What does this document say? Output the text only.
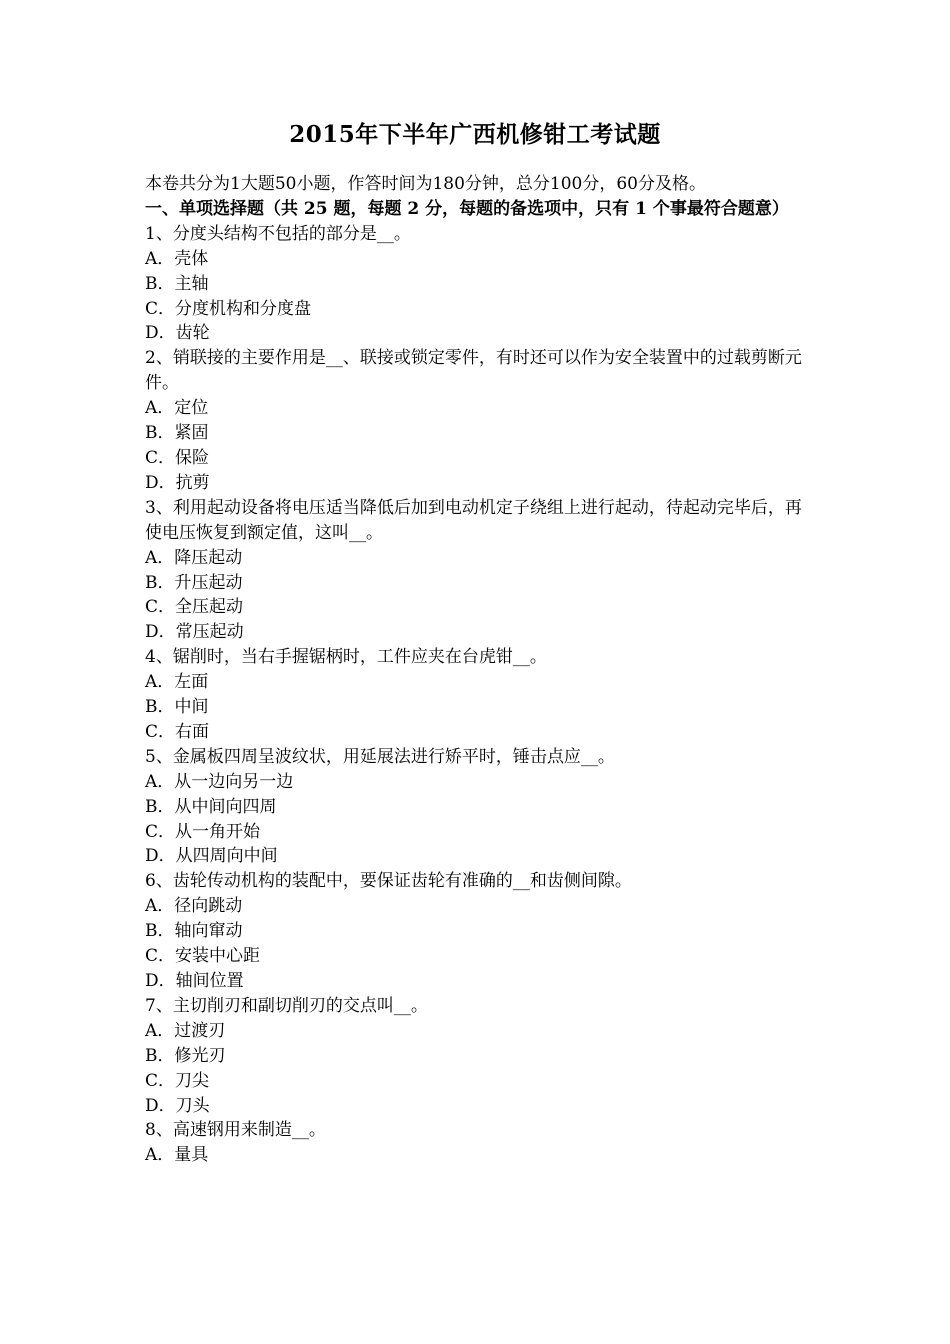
2015年下半年广西机修钳工考试题
本卷共分为1大题50小题，作答时间为180分钟，总分100分，60分及格。
一、单项选择题（共 25 题，每题 2 分，每题的备选项中，只有 1 个事最符合题意）
1、分度头结构不包括的部分是__。
A．壳体
B．主轴
C．分度机构和分度盘
D．齿轮
2、销联接的主要作用是__、联接或锁定零件，有时还可以作为安全装置中的过载剪断元件。
A．定位
B．紧固
C．保险
D．抗剪
3、利用起动设备将电压适当降低后加到电动机定子绕组上进行起动，待起动完毕后，再使电压恢复到额定值，这叫__。
A．降压起动
B．升压起动
C．全压起动
D．常压起动
4、锯削时，当右手握锯柄时，工件应夹在台虎钳__。
A．左面
B．中间
C．右面
5、金属板四周呈波纹状，用延展法进行矫平时，锤击点应__。
A．从一边向另一边
B．从中间向四周
C．从一角开始
D．从四周向中间
6、齿轮传动机构的装配中，要保证齿轮有准确的__和齿侧间隙。
A．径向跳动
B．轴向窜动
C．安装中心距
D．轴间位置
7、主切削刃和副切削刃的交点叫__。
A．过渡刃
B．修光刃
C．刀尖
D．刀头
8、高速钢用来制造__。
A．量具
